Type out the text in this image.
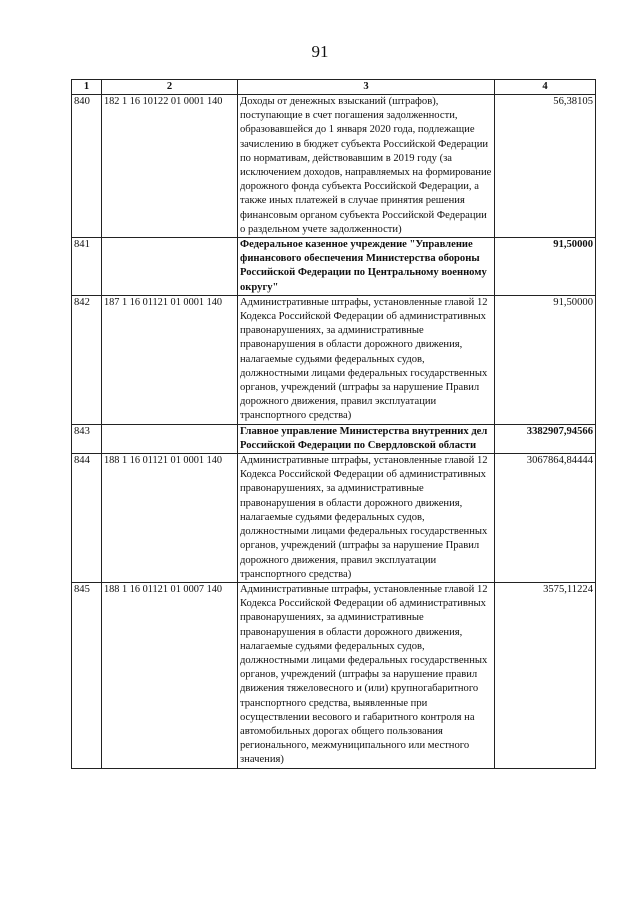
91
1	2	3	4
840	182 1 16 10122 01 0001 140	Доходы от денежных взысканий (штрафов), поступающие в счет погашения задолженности, образовавшейся до 1 января 2020 года, подлежащие зачислению в бюджет субъекта Российской Федерации по нормативам, действовавшим в 2019 году (за исключением доходов, направляемых на формирование дорожного фонда субъекта Российской Федерации, а также иных платежей в случае принятия решения финансовым органом субъекта Российской Федерации о раздельном учете задолженности)	56,38105
841		Федеральное казенное учреждение "Управление финансового обеспечения Министерства обороны Российской Федерации по Центральному военному округу"	91,50000
842	187 1 16 01121 01 0001 140	Административные штрафы, установленные главой 12 Кодекса Российской Федерации об административных правонарушениях, за административные правонарушения в области дорожного движения, налагаемые судьями федеральных судов, должностными лицами федеральных государственных органов, учреждений (штрафы за нарушение Правил дорожного движения, правил эксплуатации транспортного средства)	91,50000
843		Главное управление Министерства внутренних дел Российской Федерации по Свердловской области	3382907,94566
844	188 1 16 01121 01 0001 140	Административные штрафы, установленные главой 12 Кодекса Российской Федерации об административных правонарушениях, за административные правонарушения в области дорожного движения, налагаемые судьями федеральных судов, должностными лицами федеральных государственных органов, учреждений (штрафы за нарушение Правил дорожного движения, правил эксплуатации транспортного средства)	3067864,84444
845	188 1 16 01121 01 0007 140	Административные штрафы, установленные главой 12 Кодекса Российской Федерации об административных правонарушениях, за административные правонарушения в области дорожного движения, налагаемые судьями федеральных судов, должностными лицами федеральных государственных органов, учреждений (штрафы за нарушение правил движения тяжеловесного и (или) крупногабаритного транспортного средства, выявленные при осуществлении весового и габаритного контроля на автомобильных дорогах общего пользования регионального, межмуниципального или местного значения)	3575,11224
